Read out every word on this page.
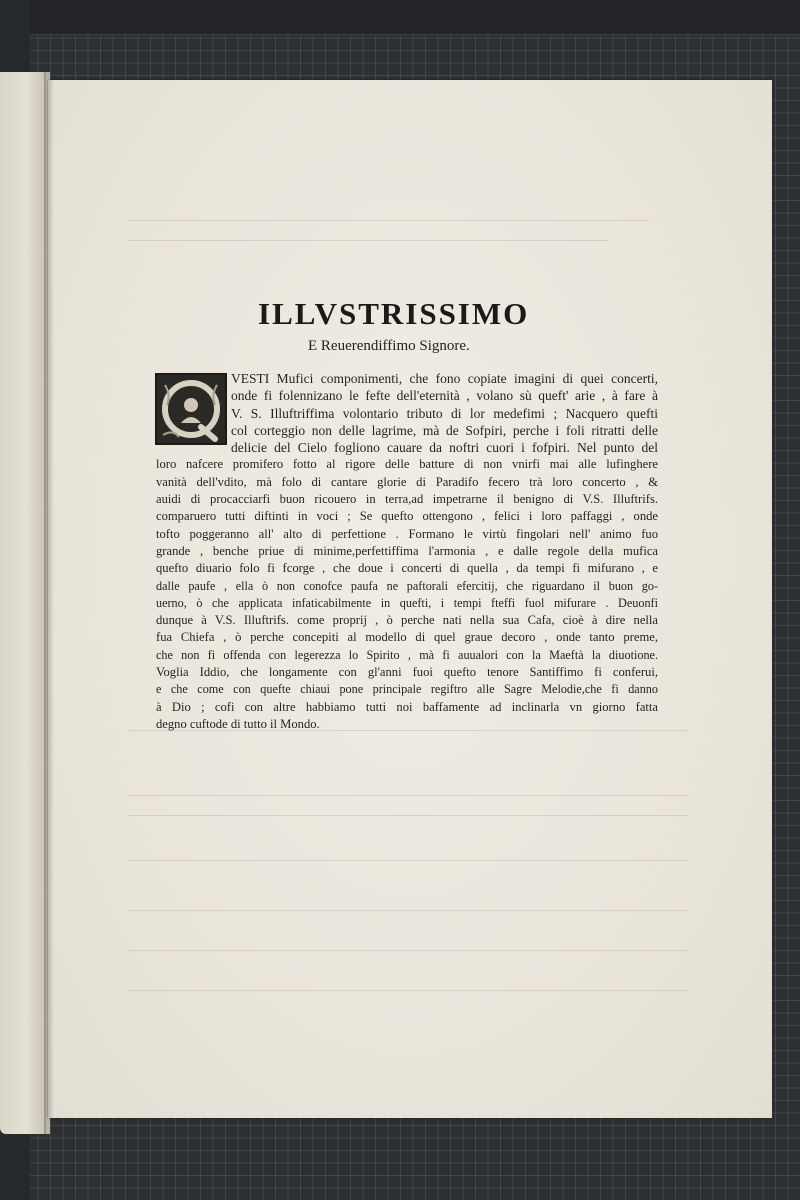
ILLVSTRISSIMO
E Reuerendiffimo Signore.
VESTI Mufici componimenti, che fono copiate imagini di quei concerti,
onde fi folennizano le fefte dell'eternità , volano sù queft' arie , à fare à
V. S. Illuftriffima volontario tributo di lor medefimi ; Nacquero quefti
col corteggio non delle lagrime, mà de Sofpiri, perche i foli ritratti delle
delicie del Cielo fogliono cauare da noftri cuori i fofpiri. Nel punto del
loro nafcere promifero fotto al rigore delle batture di non vnirfi mai alle lufinghere
vanità dell'vdito, mà folo di cantare glorie di Paradifo fecero trà loro concerto , &
auidi di procacciarfi buon ricouero in terra,ad impetrarne il benigno di V.S. Illuftrifs.
comparuero tutti diftinti in voci ; Se quefto ottengono , felici i loro paffaggi , onde
tofto poggeranno all' alto di perfettione . Formano le virtù fingolari nell' animo fuo
grande , benche priue di minime,perfettiffima l'armonia , e dalle regole della mufica
quefto diuario folo fi fcorge , che doue i concerti di quella , da tempi fi mifurano , e
dalle paufe , ella ò non conofce paufa ne paftorali efercitij, che riguardano il buon go-
uerno, ò che applicata infaticabilmente in quefti, i tempi fteffi fuol mifurare . Deuonfi
dunque à V.S. Illuftrifs. come proprij , ò perche nati nella sua Cafa, cioè à dire nella
fua Chiefa , ò perche concepiti al modello di quel graue decoro , onde tanto preme,
che non fi offenda con legerezza lo Spirito , mà fi auualori con la Maeftà la diuotione.
Voglia Iddio, che longamente con gl'anni fuoi quefto tenore Santiffimo fi conferui,
e che come con quefte chiaui pone principale regiftro alle Sagre Melodie,che fi danno
à Dio ; cofi con altre habbiamo tutti noi baffamente ad inclinarla vn giorno fatta
degno cuftode di tutto il Mondo.
